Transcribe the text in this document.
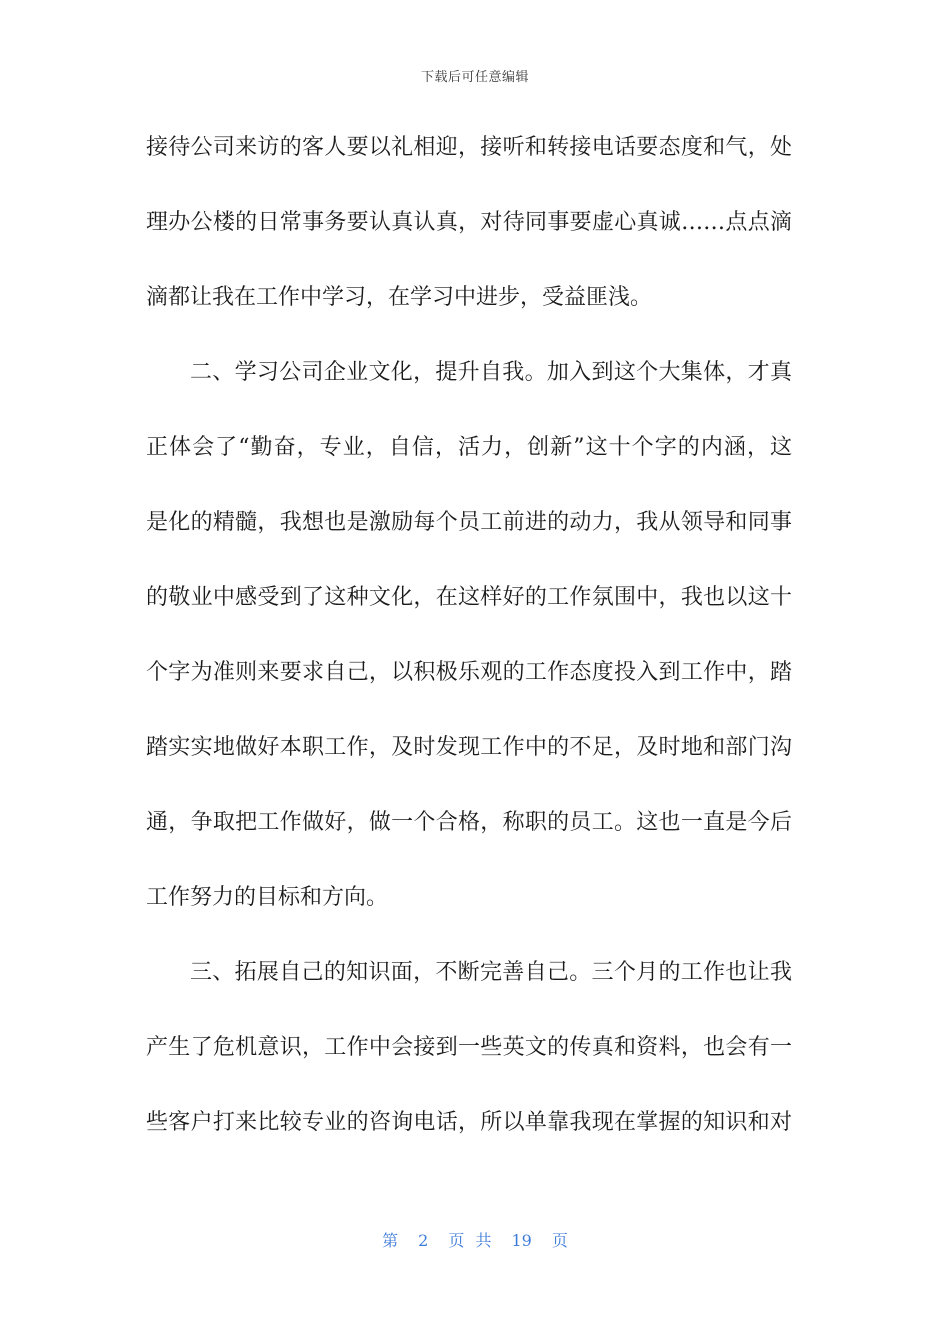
下载后可任意编辑
接待公司来访的客人要以礼相迎，接听和转接电话要态度和气，处
理办公楼的日常事务要认真认真，对待同事要虚心真诚……点点滴
滴都让我在工作中学习，在学习中进步，受益匪浅。
二、学习公司企业文化，提升自我。加入到这个大集体，才真
正体会了“勤奋，专业，自信，活力，创新”这十个字的内涵，这
是化的精髓，我想也是激励每个员工前进的动力，我从领导和同事
的敬业中感受到了这种文化，在这样好的工作氛围中，我也以这十
个字为准则来要求自己，以积极乐观的工作态度投入到工作中，踏
踏实实地做好本职工作，及时发现工作中的不足，及时地和部门沟
通，争取把工作做好，做一个合格，称职的员工。这也一直是今后
工作努力的目标和方向。
三、拓展自己的知识面，不断完善自己。三个月的工作也让我
产生了危机意识，工作中会接到一些英文的传真和资料，也会有一
些客户打来比较专业的咨询电话，所以单靠我现在掌握的知识和对
第 2 页 共 19 页
